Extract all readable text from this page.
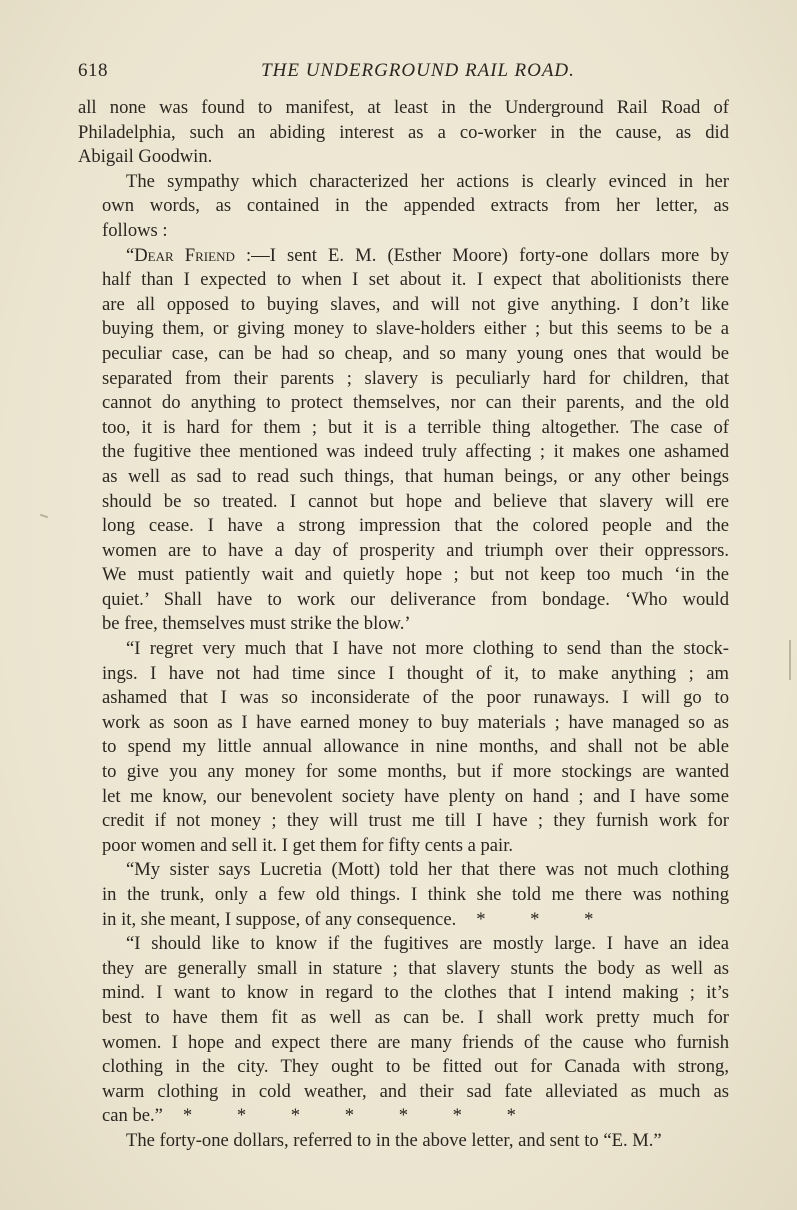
618	THE UNDERGROUND RAIL ROAD.
all none was found to manifest, at least in the Underground Rail Road of
Philadelphia, such an abiding interest as a co-worker in the cause, as did
Abigail Goodwin.
The sympathy which characterized her actions is clearly evinced in her
own words, as contained in the appended extracts from her letter, as
follows :
“Dear Friend :—I sent E. M. (Esther Moore) forty-one dollars more by
half than I expected to when I set about it. I expect that abolitionists there
are all opposed to buying slaves, and will not give anything. I don’t like
buying them, or giving money to slave-holders either ; but this seems to be a
peculiar case, can be had so cheap, and so many young ones that would be
separated from their parents ; slavery is peculiarly hard for children, that
cannot do anything to protect themselves, nor can their parents, and the old
too, it is hard for them ; but it is a terrible thing altogether. The case of
the fugitive thee mentioned was indeed truly affecting ; it makes one ashamed
as well as sad to read such things, that human beings, or any other beings
should be so treated. I cannot but hope and believe that slavery will ere
long cease. I have a strong impression that the colored people and the
women are to have a day of prosperity and triumph over their oppressors.
We must patiently wait and quietly hope ; but not keep too much ‘in the
quiet.’ Shall have to work our deliverance from bondage. ‘Who would
be free, themselves must strike the blow.’
“I regret very much that I have not more clothing to send than the stock-
ings. I have not had time since I thought of it, to make anything ; am
ashamed that I was so inconsiderate of the poor runaways. I will go to
work as soon as I have earned money to buy materials ; have managed so as
to spend my little annual allowance in nine months, and shall not be able
to give you any money for some months, but if more stockings are wanted
let me know, our benevolent society have plenty on hand ; and I have some
credit if not money ; they will trust me till I have ; they furnish work for
poor women and sell it. I get them for fifty cents a pair.
“My sister says Lucretia (Mott) told her that there was not much clothing
in the trunk, only a few old things. I think she told me there was nothing
in it, she meant, I suppose, of any consequence. * * *
“I should like to know if the fugitives are mostly large. I have an idea
they are generally small in stature ; that slavery stunts the body as well as
mind. I want to know in regard to the clothes that I intend making ; it’s
best to have them fit as well as can be. I shall work pretty much for
women. I hope and expect there are many friends of the cause who furnish
clothing in the city. They ought to be fitted out for Canada with strong,
warm clothing in cold weather, and their sad fate alleviated as much as
can be.” * * * * * * *
The forty-one dollars, referred to in the above letter, and sent to “E. M.”
